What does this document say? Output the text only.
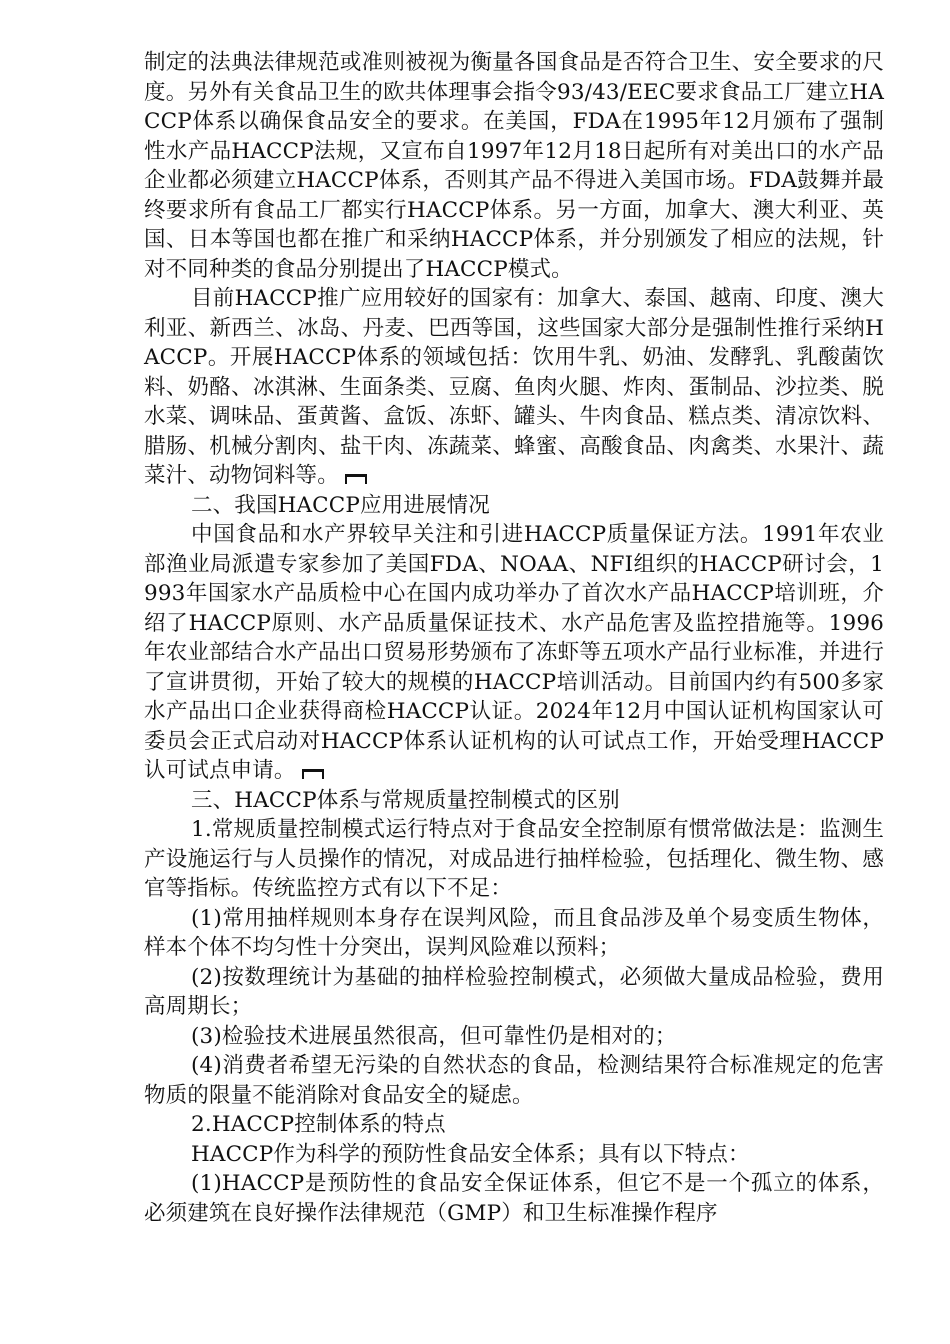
制定的法典法律规范或准则被视为衡量各国食品是否符合卫生、安全要求的尺度。另外有关食品卫生的欧共体理事会指令93/43/EEC要求食品工厂建立HACCP体系以确保食品安全的要求。在美国，FDA在1995年12月颁布了强制性水产品HACCP法规，又宣布自1997年12月18日起所有对美出口的水产品企业都必须建立HACCP体系，否则其产品不得进入美国市场。FDA鼓舞并最终要求所有食品工厂都实行HACCP体系。另一方面，加拿大、澳大利亚、英国、日本等国也都在推广和采纳HACCP体系，并分别颁发了相应的法规，针对不同种类的食品分别提出了HACCP模式。

目前HACCP推广应用较好的国家有：加拿大、泰国、越南、印度、澳大利亚、新西兰、冰岛、丹麦、巴西等国，这些国家大部分是强制性推行采纳HACCP。开展HACCP体系的领域包括：饮用牛乳、奶油、发酵乳、乳酸菌饮料、奶酪、冰淇淋、生面条类、豆腐、鱼肉火腿、炸肉、蛋制品、沙拉类、脱水菜、调味品、蛋黄酱、盒饭、冻虾、罐头、牛肉食品、糕点类、清凉饮料、腊肠、机械分割肉、盐干肉、冻蔬菜、蜂蜜、高酸食品、肉禽类、水果汁、蔬菜汁、动物饲料等。

二、我国HACCP应用进展情况

中国食品和水产界较早关注和引进HACCP质量保证方法。1991年农业部渔业局派遣专家参加了美国FDA、NOAA、NFI组织的HACCP研讨会，1993年国家水产品质检中心在国内成功举办了首次水产品HACCP培训班，介绍了HACCP原则、水产品质量保证技术、水产品危害及监控措施等。1996年农业部结合水产品出口贸易形势颁布了冻虾等五项水产品行业标准，并进行了宣讲贯彻，开始了较大的规模的HACCP培训活动。目前国内约有500多家水产品出口企业获得商检HACCP认证。2024年12月中国认证机构国家认可委员会正式启动对HACCP体系认证机构的认可试点工作，开始受理HACCP认可试点申请。

三、HACCP体系与常规质量控制模式的区别

1.常规质量控制模式运行特点对于食品安全控制原有惯常做法是：监测生产设施运行与人员操作的情况，对成品进行抽样检验，包括理化、微生物、感官等指标。传统监控方式有以下不足：

(1)常用抽样规则本身存在误判风险，而且食品涉及单个易变质生物体，样本个体不均匀性十分突出，误判风险难以预料；

(2)按数理统计为基础的抽样检验控制模式，必须做大量成品检验，费用高周期长；

(3)检验技术进展虽然很高，但可靠性仍是相对的；

(4)消费者希望无污染的自然状态的食品，检测结果符合标准规定的危害物质的限量不能消除对食品安全的疑虑。

2.HACCP控制体系的特点

HACCP作为科学的预防性食品安全体系；具有以下特点：

(1)HACCP是预防性的食品安全保证体系，但它不是一个孤立的体系，必须建筑在良好操作法律规范（GMP）和卫生标准操作程序
